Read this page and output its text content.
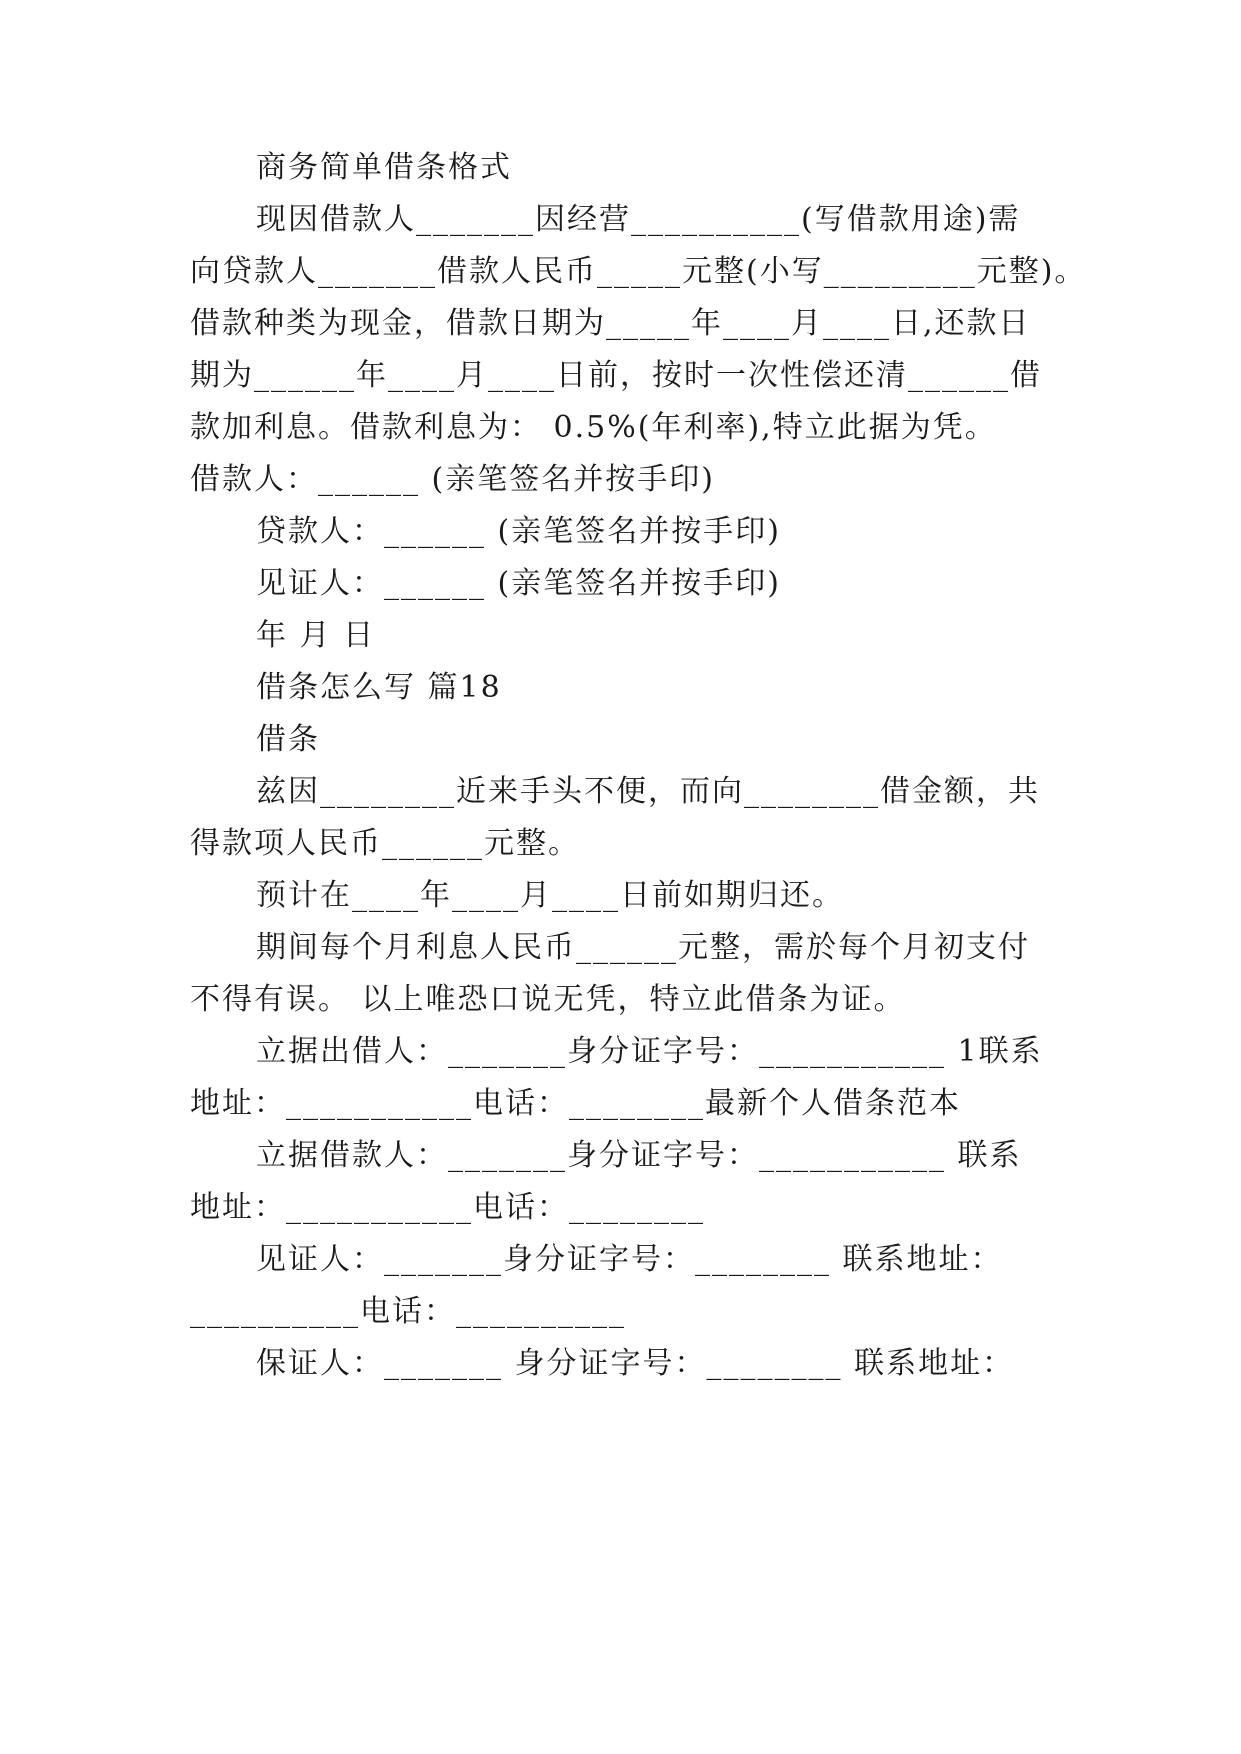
商务简单借条格式
现因借款人_______因经营__________(写借款用途)需
向贷款人_______借款人民币_____元整(小写_________元整)。
借款种类为现金，借款日期为_____年____月____日,还款日
期为______年____月____日前，按时一次性偿还清______借
款加利息。借款利息为： 0.5%(年利率),特立此据为凭。
借款人：______ (亲笔签名并按手印)
贷款人：______ (亲笔签名并按手印)
见证人：______ (亲笔签名并按手印)
年 月 日
借条怎么写 篇18
借条
兹因________近来手头不便，而向________借金额，共
得款项人民币______元整。
预计在____年____月____日前如期归还。
期间每个月利息人民币______元整，需於每个月初支付
不得有误。 以上唯恐口说无凭，特立此借条为证。
立据出借人：_______身分证字号：___________ 1联系
地址：___________电话：________最新个人借条范本
立据借款人：_______身分证字号：___________ 联系
地址：___________电话：________
见证人：_______身分证字号：________ 联系地址：
__________电话：__________
保证人：_______ 身分证字号：________ 联系地址：
